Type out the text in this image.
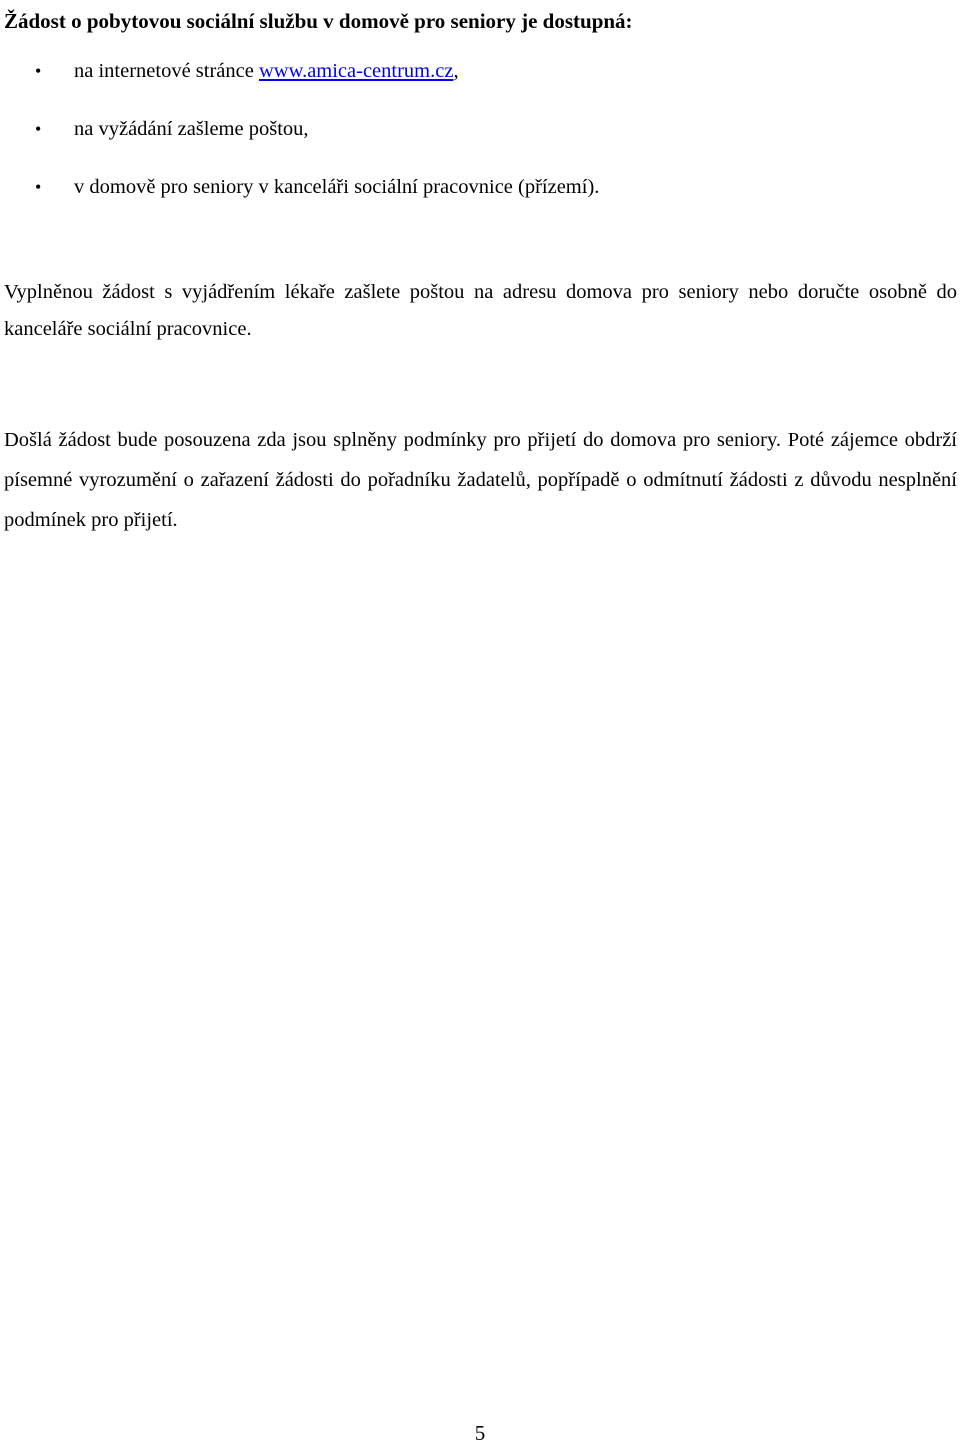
Žádost o pobytovou sociální službu v domově pro seniory je dostupná:
• na internetové stránce www.amica-centrum.cz,
• na vyžádání zašleme poštou,
• v domově pro seniory v kanceláři sociální pracovnice (přízemí).

Vyplněnou žádost s vyjádřením lékaře zašlete poštou na adresu domova pro seniory nebo doručte osobně do kanceláře sociální pracovnice.

Došlá žádost bude posouzena zda jsou splněny podmínky pro přijetí do domova pro seniory. Poté zájemce obdrží písemné vyrozumění o zařazení žádosti do pořadníku žadatelů, popřípadě o odmítnutí žádosti z důvodu nesplnění podmínek pro přijetí.

5
